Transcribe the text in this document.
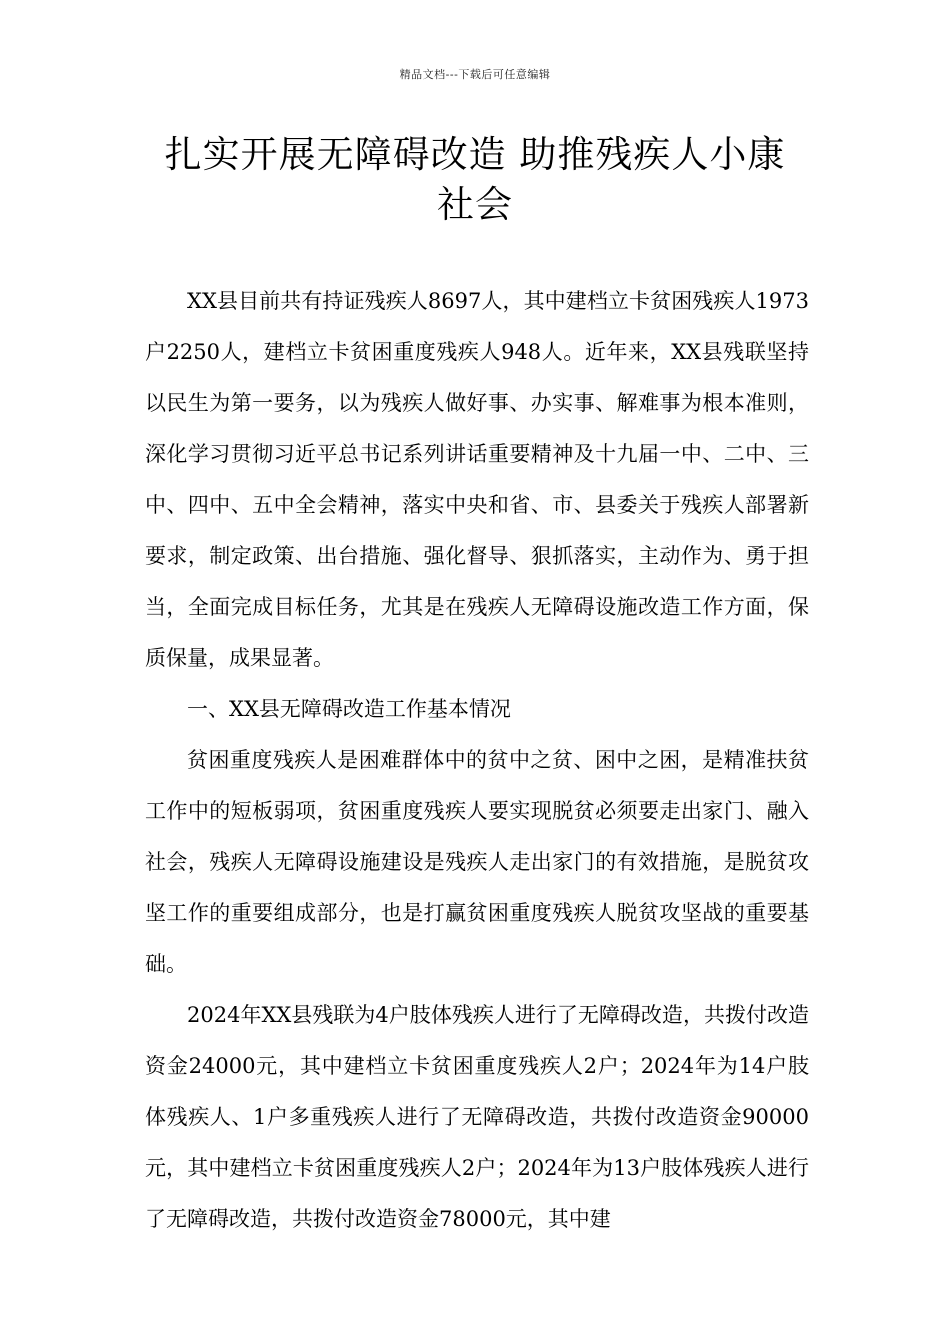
精品文档---下载后可任意编辑
扎实开展无障碍改造 助推残疾人小康
社会

XX县目前共有持证残疾人8697人，其中建档立卡贫困残疾人1973户2250人，建档立卡贫困重度残疾人948人。近年来，XX县残联坚持以民生为第一要务，以为残疾人做好事、办实事、解难事为根本准则，深化学习贯彻习近平总书记系列讲话重要精神及十九届一中、二中、三中、四中、五中全会精神，落实中央和省、市、县委关于残疾人部署新要求，制定政策、出台措施、强化督导、狠抓落实，主动作为、勇于担当，全面完成目标任务，尤其是在残疾人无障碍设施改造工作方面，保质保量，成果显著。

一、XX县无障碍改造工作基本情况

贫困重度残疾人是困难群体中的贫中之贫、困中之困，是精准扶贫工作中的短板弱项，贫困重度残疾人要实现脱贫必须要走出家门、融入社会，残疾人无障碍设施建设是残疾人走出家门的有效措施，是脱贫攻坚工作的重要组成部分，也是打赢贫困重度残疾人脱贫攻坚战的重要基础。

2024年XX县残联为4户肢体残疾人进行了无障碍改造，共拨付改造资金24000元，其中建档立卡贫困重度残疾人2户；2024年为14户肢体残疾人、1户多重残疾人进行了无障碍改造，共拨付改造资金90000元，其中建档立卡贫困重度残疾人2户；2024年为13户肢体残疾人进行了无障碍改造，共拨付改造资金78000元，其中建
